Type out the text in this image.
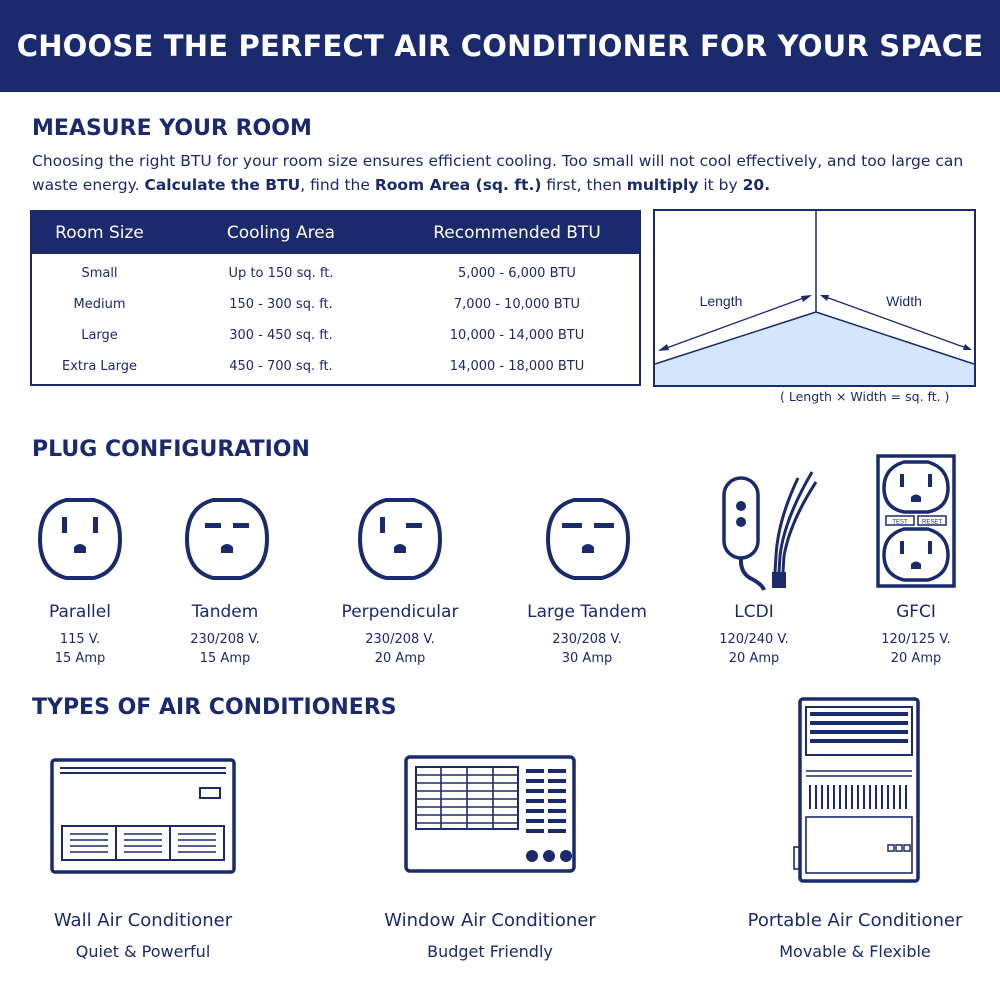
CHOOSE THE PERFECT AIR CONDITIONER FOR YOUR SPACE
MEASURE YOUR ROOM

Choosing the right BTU for your room size ensures efficient cooling. Too small will not cool effectively, and too large can waste energy. Calculate the BTU, find the Room Area (sq. ft.) first, then multiply it by 20.

Room Size	Cooling Area	Recommended BTU
Small	Up to 150 sq. ft.	5,000 - 6,000 BTU
Medium	150 - 300 sq. ft.	7,000 - 10,000 BTU
Large	300 - 450 sq. ft.	10,000 - 14,000 BTU
Extra Large	450 - 700 sq. ft.	14,000 - 18,000 BTU
Length	Width
( Length × Width = sq. ft. )
PLUG CONFIGURATION
TEST RESET
Parallel
115 V.
15 Amp
Tandem
230/208 V.
15 Amp
Perpendicular
230/208 V.
20 Amp
Large Tandem
230/208 V.
30 Amp
LCDI
120/240 V.
20 Amp
GFCI
120/125 V.
20 Amp
TYPES OF AIR CONDITIONERS
Wall Air Conditioner
Quiet & Powerful
Window Air Conditioner
Budget Friendly
Portable Air Conditioner
Movable & Flexible
